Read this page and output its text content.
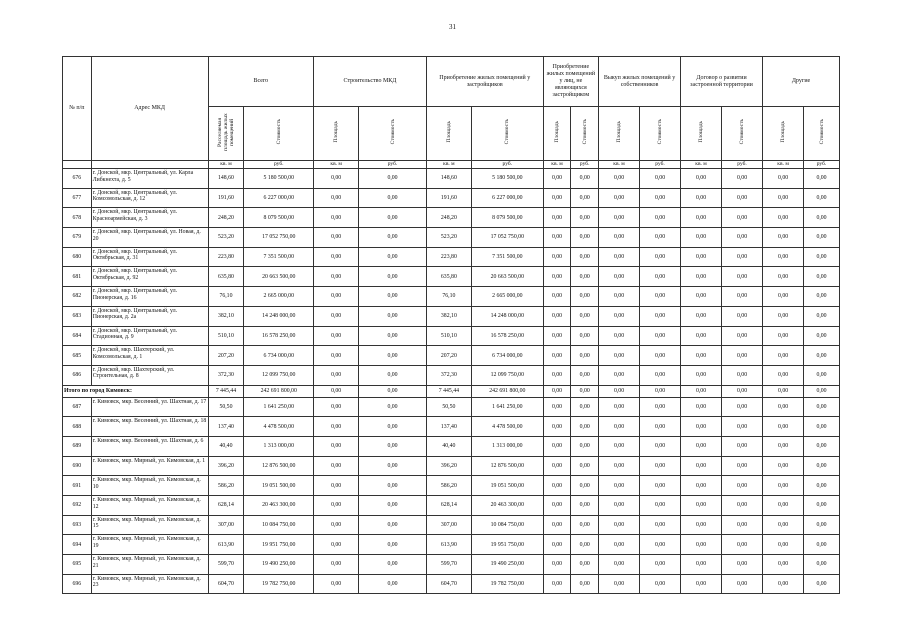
31
№ п/п	Адрес МКД	Всего		Строительство МКД		Приобретение жилых помещений у застройщиков		Приобретение жилых помещений у лиц, не являющихся застройщиком		Выкуп жилых помещений у собственников		Договор о развитии застроенной территории		Другие	
		Расселяемая площадь жилых помещений	Стоимость	Площадь	Стоимость	Площадь	Стоимость	Площадь	Стоимость	Площадь	Стоимость	Площадь	Стоимость	Площадь	Стоимость
		кв. м	руб.	кв. м	руб.	кв. м	руб.	кв. м	руб.	кв. м	руб.	кв. м	руб.	кв. м	руб.
676	г. Донской, мкр. Центральный, ул. Карла Либкнехта, д. 5	148,60	5 180 500,00	0,00	0,00	148,60	5 180 500,00	0,00	0,00	0,00	0,00	0,00	0,00	0,00	0,00
677	г. Донской, мкр. Центральный, ул. Комсомольская, д. 12	191,60	6 227 000,00	0,00	0,00	191,60	6 227 000,00	0,00	0,00	0,00	0,00	0,00	0,00	0,00	0,00
678	г. Донской, мкр. Центральный, ул. Красноармейская, д. 3	248,20	8 079 500,00	0,00	0,00	248,20	8 079 500,00	0,00	0,00	0,00	0,00	0,00	0,00	0,00	0,00
679	г. Донской, мкр. Центральный, ул. Новая, д. 20	523,20	17 052 750,00	0,00	0,00	523,20	17 052 750,00	0,00	0,00	0,00	0,00	0,00	0,00	0,00	0,00
680	г. Донской, мкр. Центральный, ул. Октябрьская, д. 31	223,80	7 351 500,00	0,00	0,00	223,80	7 351 500,00	0,00	0,00	0,00	0,00	0,00	0,00	0,00	0,00
681	г. Донской, мкр. Центральный, ул. Октябрьская, д. 92	635,80	20 663 500,00	0,00	0,00	635,80	20 663 500,00	0,00	0,00	0,00	0,00	0,00	0,00	0,00	0,00
682	г. Донской, мкр. Центральный, ул. Пионерская, д. 16	76,10	2 665 000,00	0,00	0,00	76,10	2 665 000,00	0,00	0,00	0,00	0,00	0,00	0,00	0,00	0,00
683	г. Донской, мкр. Центральный, ул. Пионерская, д. 2а	382,10	14 248 000,00	0,00	0,00	382,10	14 248 000,00	0,00	0,00	0,00	0,00	0,00	0,00	0,00	0,00
684	г. Донской, мкр. Центральный, ул. Стадионная, д. 9	510,10	16 578 250,00	0,00	0,00	510,10	16 578 250,00	0,00	0,00	0,00	0,00	0,00	0,00	0,00	0,00
685	г. Донской, мкр. Шахтерский, ул. Комсомольская, д. 1	207,20	6 734 000,00	0,00	0,00	207,20	6 734 000,00	0,00	0,00	0,00	0,00	0,00	0,00	0,00	0,00
686	г. Донской, мкр. Шахтерский, ул. Строительная, д. 8	372,30	12 099 750,00	0,00	0,00	372,30	12 099 750,00	0,00	0,00	0,00	0,00	0,00	0,00	0,00	0,00
Итого по город Кимовск:		7 445,44	242 691 800,00	0,00	0,00	7 445,44	242 691 800,00	0,00	0,00	0,00	0,00	0,00	0,00	0,00	0,00
687	г. Кимовск, мкр. Весенний, ул. Шахтная, д. 17	50,50	1 641 250,00	0,00	0,00	50,50	1 641 250,00	0,00	0,00	0,00	0,00	0,00	0,00	0,00	0,00
688	г. Кимовск, мкр. Весенний, ул. Шахтная, д. 18	137,40	4 478 500,00	0,00	0,00	137,40	4 478 500,00	0,00	0,00	0,00	0,00	0,00	0,00	0,00	0,00
689	г. Кимовск, мкр. Весенний, ул. Шахтная, д. 6	40,40	1 313 000,00	0,00	0,00	40,40	1 313 000,00	0,00	0,00	0,00	0,00	0,00	0,00	0,00	0,00
690	г. Кимовск, мкр. Мирный, ул. Кимовская, д. 1	396,20	12 876 500,00	0,00	0,00	396,20	12 876 500,00	0,00	0,00	0,00	0,00	0,00	0,00	0,00	0,00
691	г. Кимовск, мкр. Мирный, ул. Кимовская, д. 10	586,20	19 051 500,00	0,00	0,00	586,20	19 051 500,00	0,00	0,00	0,00	0,00	0,00	0,00	0,00	0,00
692	г. Кимовск, мкр. Мирный, ул. Кимовская, д. 12	628,14	20 463 300,00	0,00	0,00	628,14	20 463 300,00	0,00	0,00	0,00	0,00	0,00	0,00	0,00	0,00
693	г. Кимовск, мкр. Мирный, ул. Кимовская, д. 15	307,00	10 084 750,00	0,00	0,00	307,00	10 084 750,00	0,00	0,00	0,00	0,00	0,00	0,00	0,00	0,00
694	г. Кимовск, мкр. Мирный, ул. Кимовская, д. 19	613,90	19 951 750,00	0,00	0,00	613,90	19 951 750,00	0,00	0,00	0,00	0,00	0,00	0,00	0,00	0,00
695	г. Кимовск, мкр. Мирный, ул. Кимовская, д. 21	599,70	19 490 250,00	0,00	0,00	599,70	19 490 250,00	0,00	0,00	0,00	0,00	0,00	0,00	0,00	0,00
696	г. Кимовск, мкр. Мирный, ул. Кимовская, д. 23	604,70	19 782 750,00	0,00	0,00	604,70	19 782 750,00	0,00	0,00	0,00	0,00	0,00	0,00	0,00	0,00
